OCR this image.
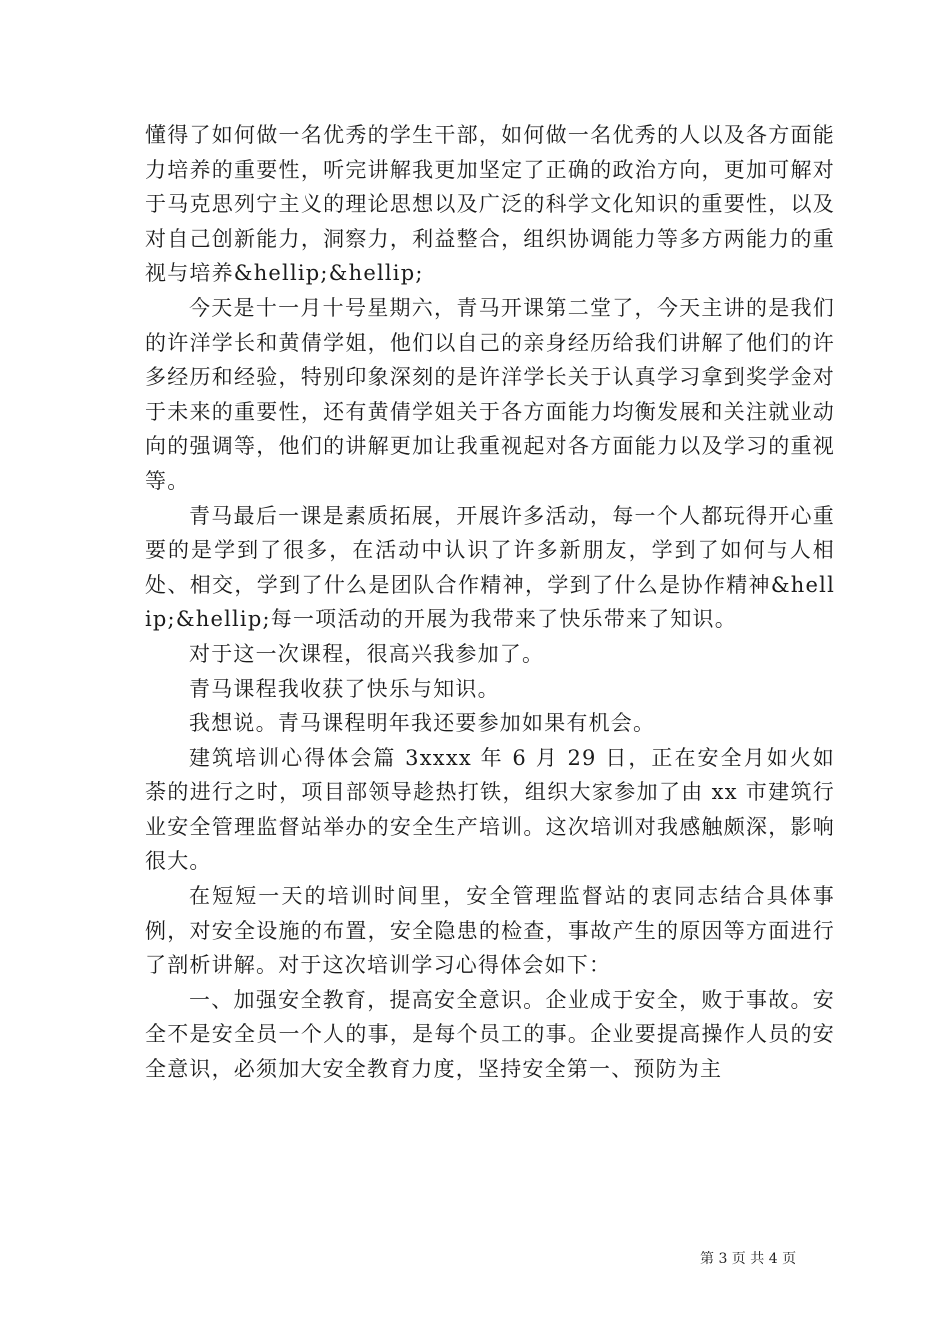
懂得了如何做一名优秀的学生干部，如何做一名优秀的人以及各方面能力培养的重要性，听完讲解我更加坚定了正确的政治方向，更加可解对于马克思列宁主义的理论思想以及广泛的科学文化知识的重要性，以及对自己创新能力，洞察力，利益整合，组织协调能力等多方两能力的重视与培养&hellip;&hellip;

今天是十一月十号星期六，青马开课第二堂了，今天主讲的是我们的许洋学长和黄倩学姐，他们以自己的亲身经历给我们讲解了他们的许多经历和经验，特别印象深刻的是许洋学长关于认真学习拿到奖学金对于未来的重要性，还有黄倩学姐关于各方面能力均衡发展和关注就业动向的强调等，他们的讲解更加让我重视起对各方面能力以及学习的重视等。

青马最后一课是素质拓展，开展许多活动，每一个人都玩得开心重要的是学到了很多，在活动中认识了许多新朋友，学到了如何与人相处、相交，学到了什么是团队合作精神，学到了什么是协作精神&hellip;&hellip;每一项活动的开展为我带来了快乐带来了知识。

对于这一次课程，很高兴我参加了。

青马课程我收获了快乐与知识。

我想说。青马课程明年我还要参加如果有机会。

建筑培训心得体会篇 3xxxx 年 6 月 29 日，正在安全月如火如荼的进行之时，项目部领导趁热打铁，组织大家参加了由 xx 市建筑行业安全管理监督站举办的安全生产培训。这次培训对我感触颇深，影响很大。

在短短一天的培训时间里，安全管理监督站的衷同志结合具体事例，对安全设施的布置，安全隐患的检查，事故产生的原因等方面进行了剖析讲解。对于这次培训学习心得体会如下：

一、加强安全教育，提高安全意识。企业成于安全，败于事故。安全不是安全员一个人的事，是每个员工的事。企业要提高操作人员的安全意识，必须加大安全教育力度，坚持安全第一、预防为主

第 3 页 共 4 页
